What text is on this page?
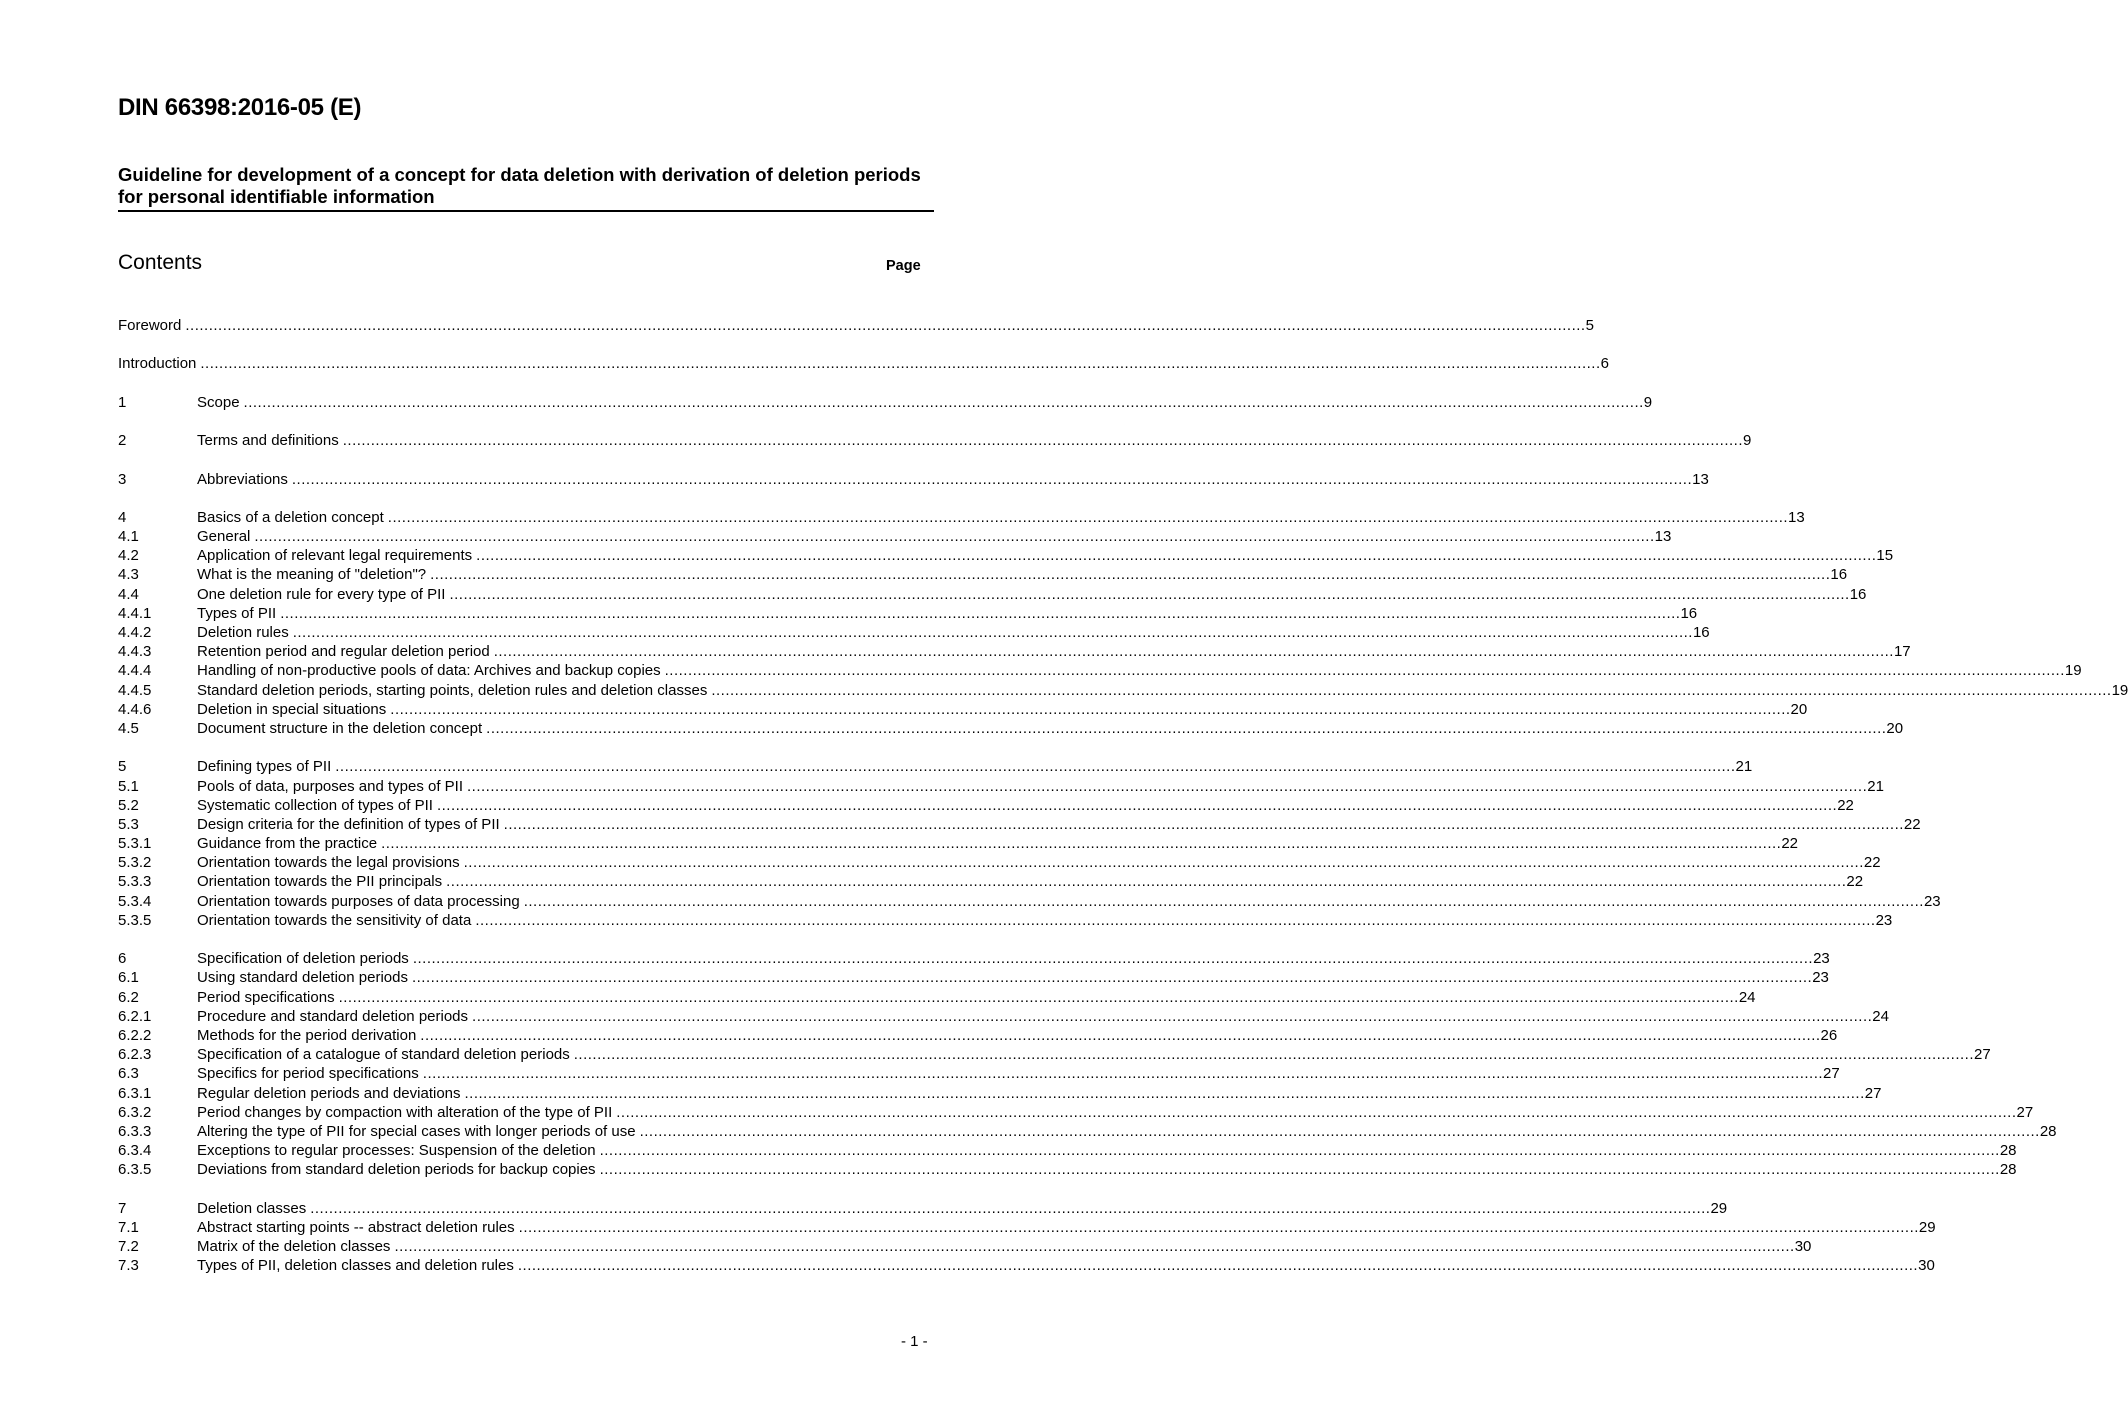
DIN 66398:2016-05 (E)
Guideline for development of a concept for data deletion with derivation of deletion periods for personal identifiable information
Contents	Page
Foreword ............................................................................................................................................................................................................................................................................................................ 5
Introduction ............................................................................................................................................................................................................................................................................................................ 6
1	Scope ............................................................................................................................................................................................................................................................................................................ 9
2	Terms and definitions ............................................................................................................................................................................................................................................................................................................ 9
3	Abbreviations ............................................................................................................................................................................................................................................................................................................ 13
4	Basics of a deletion concept ............................................................................................................................................................................................................................................................................................................ 13
4.1	General ............................................................................................................................................................................................................................................................................................................ 13
4.2	Application of relevant legal requirements ............................................................................................................................................................................................................................................................................................................ 15
4.3	What is the meaning of "deletion"? ............................................................................................................................................................................................................................................................................................................ 16
4.4	One deletion rule for every type of PII ............................................................................................................................................................................................................................................................................................................ 16
4.4.1	Types of PII ............................................................................................................................................................................................................................................................................................................ 16
4.4.2	Deletion rules ............................................................................................................................................................................................................................................................................................................ 16
4.4.3	Retention period and regular deletion period ............................................................................................................................................................................................................................................................................................................ 17
4.4.4	Handling of non-productive pools of data: Archives and backup copies ............................................................................................................................................................................................................................................................................................................ 19
4.4.5	Standard deletion periods, starting points, deletion rules and deletion classes ............................................................................................................................................................................................................................................................................................................ 19
4.4.6	Deletion in special situations ............................................................................................................................................................................................................................................................................................................ 20
4.5	Document structure in the deletion concept ............................................................................................................................................................................................................................................................................................................ 20
5	Defining types of PII ............................................................................................................................................................................................................................................................................................................ 21
5.1	Pools of data, purposes and types of PII ............................................................................................................................................................................................................................................................................................................ 21
5.2	Systematic collection of types of PII ............................................................................................................................................................................................................................................................................................................ 22
5.3	Design criteria for the definition of types of PII ............................................................................................................................................................................................................................................................................................................ 22
5.3.1	Guidance from the practice ............................................................................................................................................................................................................................................................................................................ 22
5.3.2	Orientation towards the legal provisions ............................................................................................................................................................................................................................................................................................................ 22
5.3.3	Orientation towards the PII principals ............................................................................................................................................................................................................................................................................................................ 22
5.3.4	Orientation towards purposes of data processing ............................................................................................................................................................................................................................................................................................................ 23
5.3.5	Orientation towards the sensitivity of data ............................................................................................................................................................................................................................................................................................................ 23
6	Specification of deletion periods ............................................................................................................................................................................................................................................................................................................ 23
6.1	Using standard deletion periods ............................................................................................................................................................................................................................................................................................................ 23
6.2	Period specifications ............................................................................................................................................................................................................................................................................................................ 24
6.2.1	Procedure and standard deletion periods ............................................................................................................................................................................................................................................................................................................ 24
6.2.2	Methods for the period derivation ............................................................................................................................................................................................................................................................................................................ 26
6.2.3	Specification of a catalogue of standard deletion periods ............................................................................................................................................................................................................................................................................................................ 27
6.3	Specifics for period specifications ............................................................................................................................................................................................................................................................................................................ 27
6.3.1	Regular deletion periods and deviations ............................................................................................................................................................................................................................................................................................................ 27
6.3.2	Period changes by compaction with alteration of the type of PII ............................................................................................................................................................................................................................................................................................................ 27
6.3.3	Altering the type of PII for special cases with longer periods of use ............................................................................................................................................................................................................................................................................................................ 28
6.3.4	Exceptions to regular processes: Suspension of the deletion ............................................................................................................................................................................................................................................................................................................ 28
6.3.5	Deviations from standard deletion periods for backup copies ............................................................................................................................................................................................................................................................................................................ 28
7	Deletion classes ............................................................................................................................................................................................................................................................................................................ 29
7.1	Abstract starting points -- abstract deletion rules ............................................................................................................................................................................................................................................................................................................ 29
7.2	Matrix of the deletion classes ............................................................................................................................................................................................................................................................................................................ 30
7.3	Types of PII, deletion classes and deletion rules ............................................................................................................................................................................................................................................................................................................ 30
- 1 -
